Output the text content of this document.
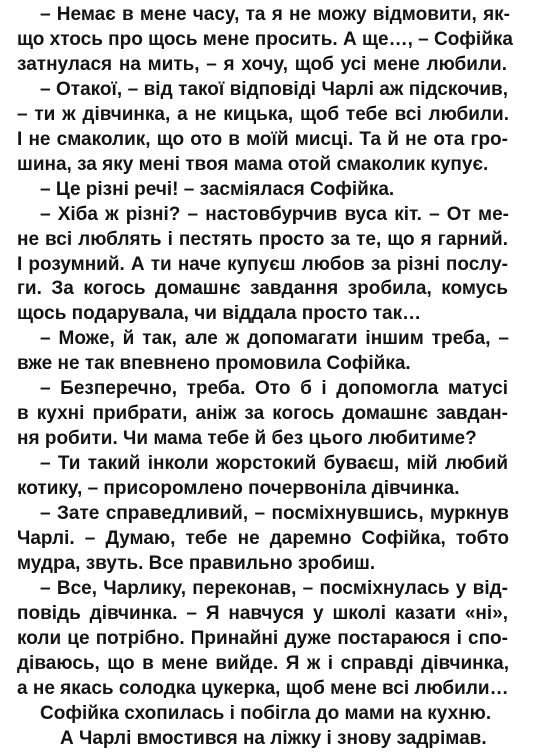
– Немає в мене часу, та я не можу відмовити, як-
що хтось про щось мене просить. А ще…, – Софійка
затнулася на мить, – я хочу, щоб усі мене любили.
– Отакої, – від такої відповіді Чарлі аж підскочив,
– ти ж дівчинка, а не кицька, щоб тебе всі любили.
І не смаколик, що ото в моїй мисці. Та й не ота гро-
шина, за яку мені твоя мама отой смаколик купує.
– Це різні речі! – засміялася Софійка.
– Хіба ж різні? – настовбурчив вуса кіт. – От ме-
не всі люблять і пестять просто за те, що я гарний.
І розумний. А ти наче купуєш любов за різні послу-
ги. За когось домашнє завдання зробила, комусь
щось подарувала, чи віддала просто так…
– Може, й так, але ж допомагати іншим треба, –
вже не так впевнено промовила Софійка.
– Безперечно, треба. Ото б і допомогла матусі
в кухні прибрати, аніж за когось домашнє завдан-
ня робити. Чи мама тебе й без цього любитиме?
– Ти такий інколи жорстокий буваєш, мій любий
котику, – присоромлено почервоніла дівчинка.
– Зате справедливий, – посміхнувшись, муркнув
Чарлі. – Думаю, тебе не даремно Софійка, тобто
мудра, звуть. Все правильно зробиш.
– Все, Чарлику, переконав, – посміхнулась у від-
повідь дівчинка. – Я навчуся у школі казати «ні»,
коли це потрібно. Принайні дуже постараюся і спо-
діваюсь, що в мене вийде. Я ж і справді дівчинка,
а не якась солодка цукерка, щоб мене всі любили…
Софійка схопилась і побігла до мами на кухню.
А Чарлі вмостився на ліжку і знову задрімав.
